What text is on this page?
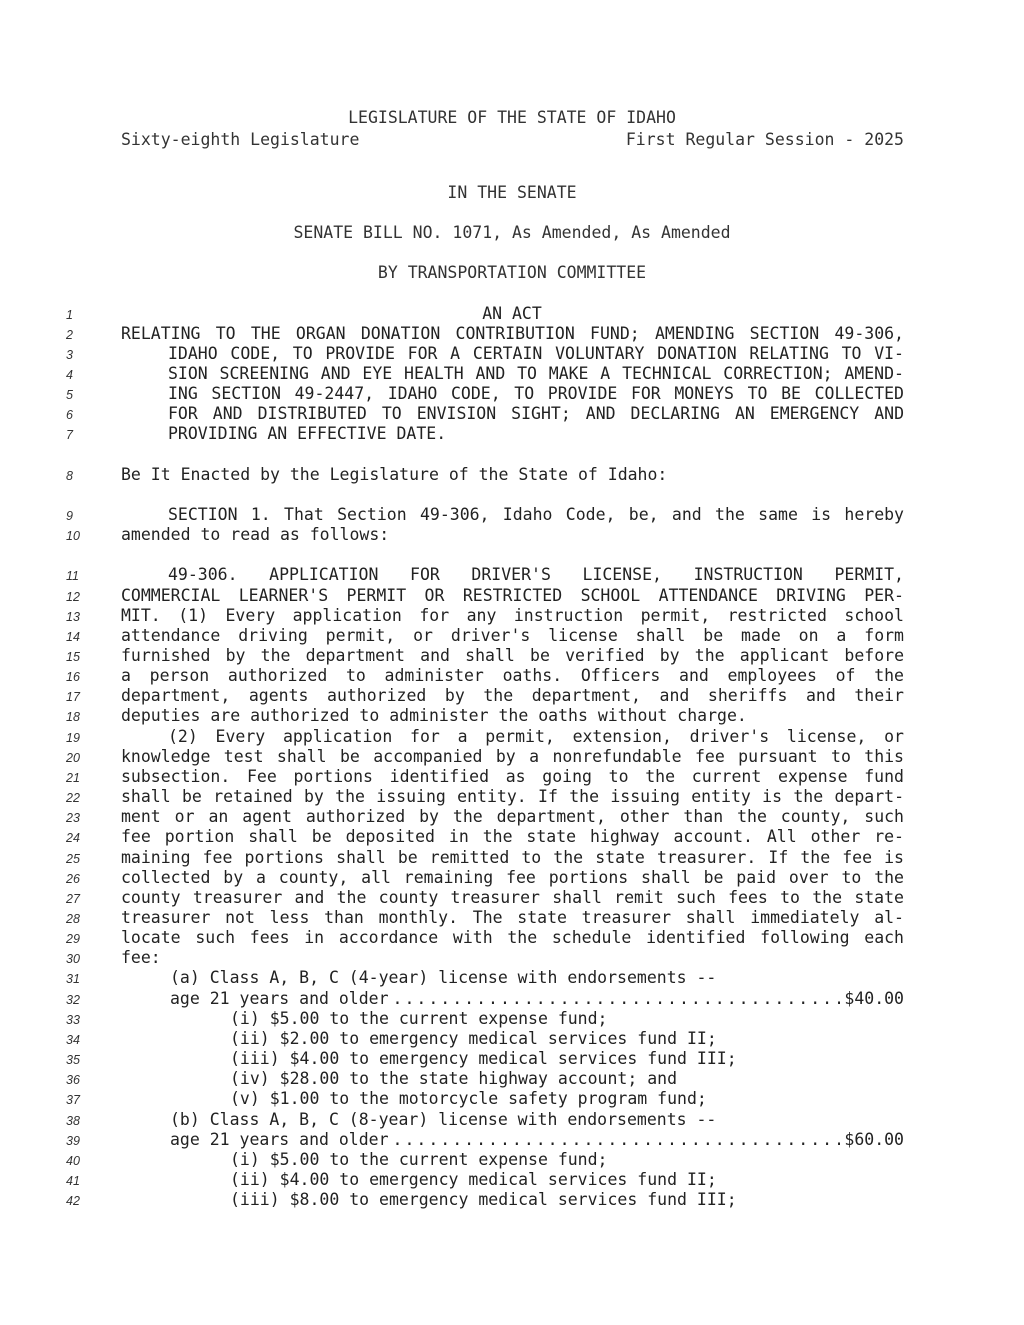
LEGISLATURE OF THE STATE OF IDAHO
Sixty-eighth Legislature	First Regular Session - 2025
IN THE SENATE
SENATE BILL NO. 1071, As Amended, As Amended
BY TRANSPORTATION COMMITTEE
1
2
3
4
5
6
7
8
9
10
11
12
13
14
15
16
17
18
19
20
21
22
23
24
25
26
27
28
29
30
31
32
33
34
35
36
37
38
39
40
41
42
AN ACT
RELATING TO THE ORGAN DONATION CONTRIBUTION FUND; AMENDING SECTION 49-306,
IDAHO CODE, TO PROVIDE FOR A CERTAIN VOLUNTARY DONATION RELATING TO VI-
SION SCREENING AND EYE HEALTH AND TO MAKE A TECHNICAL CORRECTION; AMEND-
ING SECTION 49-2447, IDAHO CODE, TO PROVIDE FOR MONEYS TO BE COLLECTED
FOR AND DISTRIBUTED TO ENVISION SIGHT; AND DECLARING AN EMERGENCY AND
PROVIDING AN EFFECTIVE DATE.
Be It Enacted by the Legislature of the State of Idaho:
SECTION 1. That Section 49-306, Idaho Code, be, and the same is hereby
amended to read as follows:
49-306. APPLICATION FOR DRIVER'S LICENSE, INSTRUCTION PERMIT,
COMMERCIAL LEARNER'S PERMIT OR RESTRICTED SCHOOL ATTENDANCE DRIVING PER-
MIT. (1) Every application for any instruction permit, restricted school
attendance driving permit, or driver's license shall be made on a form
furnished by the department and shall be verified by the applicant before
a person authorized to administer oaths. Officers and employees of the
department, agents authorized by the department, and sheriffs and their
deputies are authorized to administer the oaths without charge.
(2) Every application for a permit, extension, driver's license, or
knowledge test shall be accompanied by a nonrefundable fee pursuant to this
subsection. Fee portions identified as going to the current expense fund
shall be retained by the issuing entity. If the issuing entity is the depart-
ment or an agent authorized by the department, other than the county, such
fee portion shall be deposited in the state highway account. All other re-
maining fee portions shall be remitted to the state treasurer. If the fee is
collected by a county, all remaining fee portions shall be paid over to the
county treasurer and the county treasurer shall remit such fees to the state
treasurer not less than monthly. The state treasurer shall immediately al-
locate such fees in accordance with the schedule identified following each
fee:
(a) Class A, B, C (4-year) license with endorsements --
age 21 years and older .....	$40.00
(i) $5.00 to the current expense fund;
(ii) $2.00 to emergency medical services fund II;
(iii) $4.00 to emergency medical services fund III;
(iv) $28.00 to the state highway account; and
(v) $1.00 to the motorcycle safety program fund;
(b) Class A, B, C (8-year) license with endorsements --
age 21 years and older .....	$60.00
(i) $5.00 to the current expense fund;
(ii) $4.00 to emergency medical services fund II;
(iii) $8.00 to emergency medical services fund III;
